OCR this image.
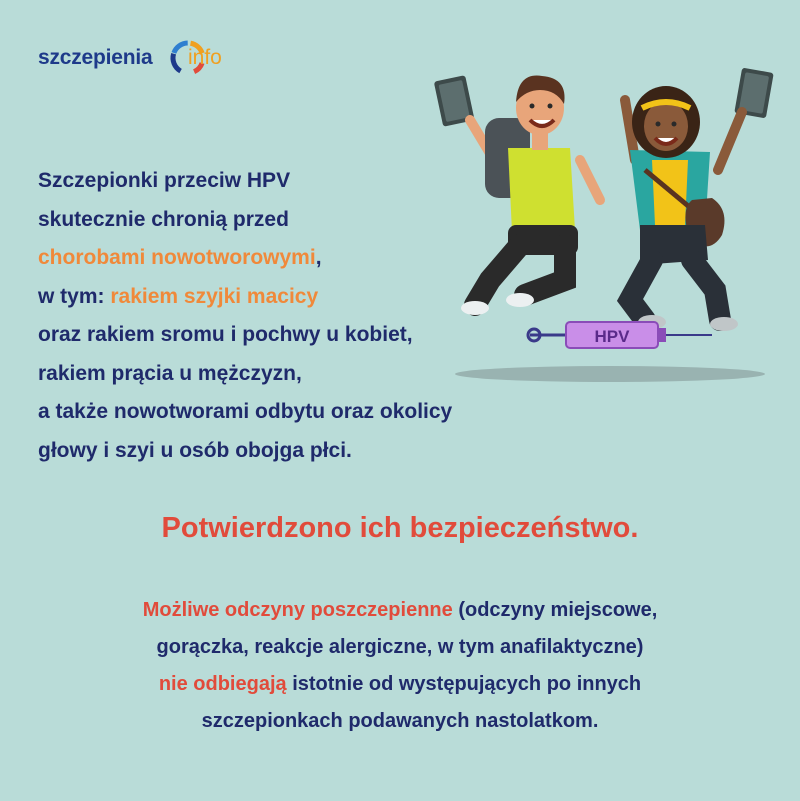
szczepienia info
HPV
Szczepionki przeciw HPV
skutecznie chronią przed
chorobami nowotworowymi,
w tym: rakiem szyjki macicy
oraz rakiem sromu i pochwy u kobiet,
rakiem prącia u mężczyzn,
a także nowotworami odbytu oraz okolicy
głowy i szyi u osób obojga płci.
Potwierdzono ich bezpieczeństwo.
Możliwe odczyny poszczepienne (odczyny miejscowe,
gorączka, reakcje alergiczne, w tym anafilaktyczne)
nie odbiegają istotnie od występujących po innych
szczepionkach podawanych nastolatkom.
